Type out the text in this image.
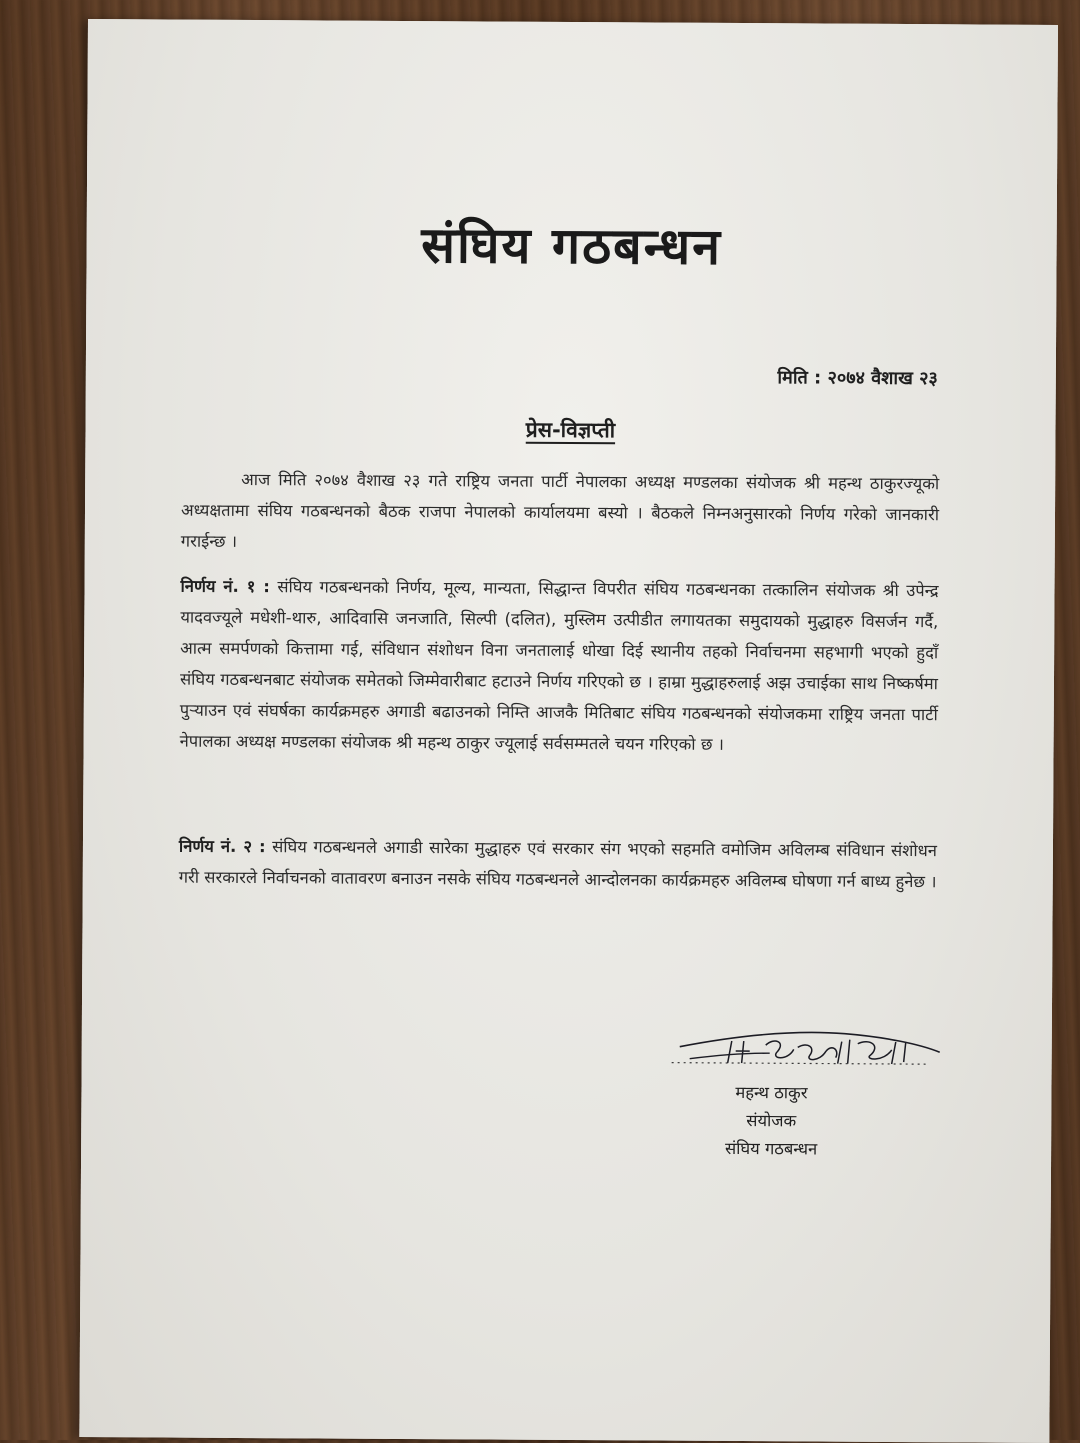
संघिय गठबन्धन
मिति : २०७४ वैशाख २३
प्रेस-विज्ञप्ती

आज मिति २०७४ वैशाख २३ गते राष्ट्रिय जनता पार्टी नेपालका अध्यक्ष मण्डलका संयोजक श्री महन्थ ठाकुरज्यूको अध्यक्षतामा संघिय गठबन्धनको बैठक राजपा नेपालको कार्यालयमा बस्यो । बैठकले निम्नअनुसारको निर्णय गरेको जानकारी गराईन्छ ।

निर्णय नं. १ : संघिय गठबन्धनको निर्णय, मूल्य, मान्यता, सिद्धान्त विपरीत संघिय गठबन्धनका तत्कालिन संयोजक श्री उपेन्द्र यादवज्यूले मधेशी-थारु, आदिवासि जनजाति, सिल्पी (दलित), मुस्लिम उत्पीडीत लगायतका समुदायको मुद्धाहरु विसर्जन गर्दै, आत्म समर्पणको कित्तामा गई, संविधान संशोधन विना जनतालाई धोखा दिई स्थानीय तहको निर्वाचनमा सहभागी भएको हुदाँ संघिय गठबन्धनबाट संयोजक समेतको जिम्मेवारीबाट हटाउने निर्णय गरिएको छ । हाम्रा मुद्धाहरुलाई अझ उचाईका साथ निष्कर्षमा पुऱ्याउन एवं संघर्षका कार्यक्रमहरु अगाडी बढाउनको निम्ति आजकै मितिबाट संघिय गठबन्धनको संयोजकमा राष्ट्रिय जनता पार्टी नेपालका अध्यक्ष मण्डलका संयोजक श्री महन्थ ठाकुर ज्यूलाई सर्वसम्मतले चयन गरिएको छ ।

निर्णय नं. २ : संघिय गठबन्धनले अगाडी सारेका मुद्धाहरु एवं सरकार संग भएको सहमति वमोजिम अविलम्ब संविधान संशोधन गरी सरकारले निर्वाचनको वातावरण बनाउन नसके संघिय गठबन्धनले आन्दोलनका कार्यक्रमहरु अविलम्ब घोषणा गर्न बाध्य हुनेछ ।

महन्थ ठाकुर
संयोजक
संघिय गठबन्धन
